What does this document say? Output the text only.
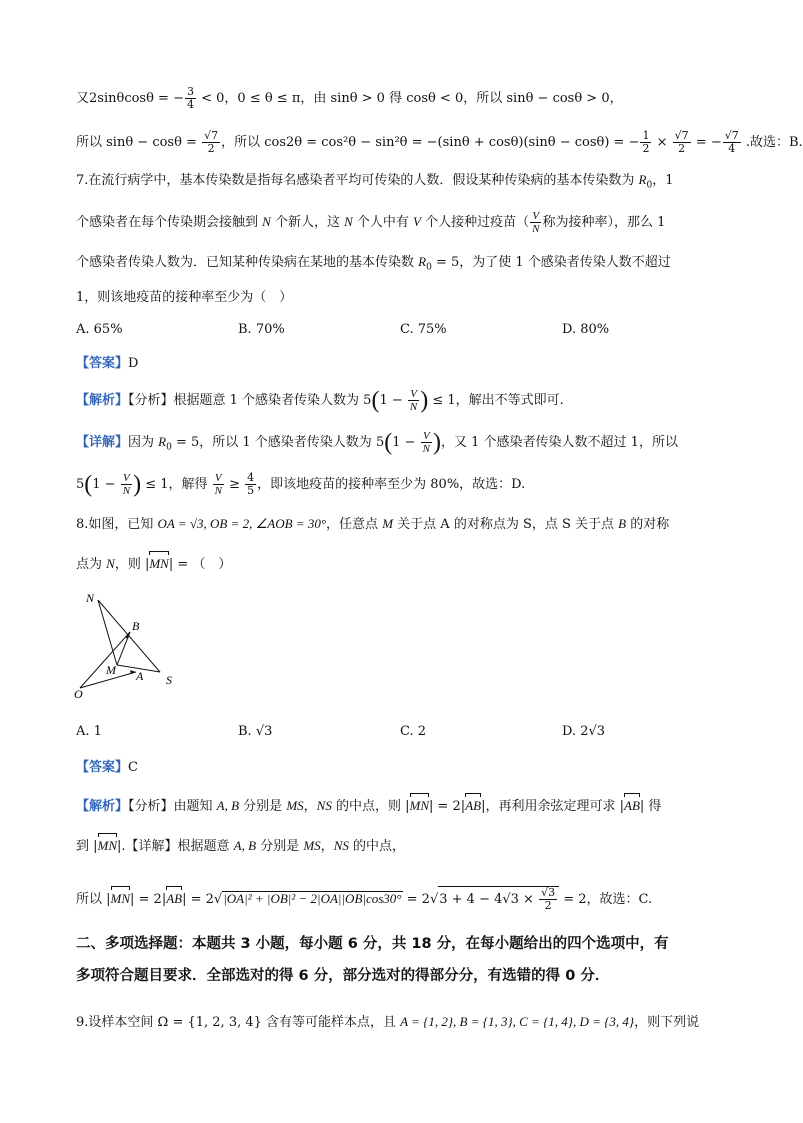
又2sinθcosθ = − $\frac{3}{4} < 0$，0 ≤ θ ≤ π，由 sinθ > 0 得 cosθ < 0，所以 sinθ − cosθ > 0，
所以 $\sin\theta - \cos\theta = \frac{√7}{2}$ ，所以 cos2θ = cos²θ − sin²θ = −(sinθ + cosθ)(sinθ − cosθ) = − $\frac{1}{2} \times \frac{√7}{2}$ = − $\frac{√7}{4}$ .故选：B.
7.在流行病学中，基本传染数是指每名感染者平均可传染的人数．假设某种传染病的基本传染数为 $R_0$，1
个感染者在每个传染期会接触到 N 个新人，这 N 个人中有 V 个人接种过疫苗（ $\frac{V}{N}$ 称为接种率），那么 1
个感染者传染人数为．已知某种传染病在某地的基本传染数 $R_0 = 5$，为了使 1 个感染者传染人数不超过
1，则该地疫苗的接种率至少为（　）
A. 65%	B. 70%	C. 75%	D. 80%
【答案】D
【解析】【分析】根据题意 1 个感染者传染人数为 $5(1 - \frac{V}{N}$ ) ≤ 1，解出不等式即可.
【详解】因为 $R_0 = 5$，所以 1 个感染者传染人数为 $5(1 - \frac{V}{N}$ )，又 1 个感染者传染人数不超过 1，所以
$5(1 - \frac{V}{N}$ ) ≤ 1，解得 $\frac{V}{N} \ge \frac{4}{5}$ ，即该地疫苗的接种率至少为 80%，故选：D.
8.如图，已知 OA = √3, OB = 2, ∠AOB = 30°，任意点 M 关于点 A 的对称点为 S，点 S 关于点 B 的对称
点为 N，则 |MN| = （　）
N
B
M A S
O
A. 1	B. √3	C. 2	D. 2√3
【答案】C
【解析】【分析】由题知 A, B 分别是 MS，NS 的中点，则 |MN| = 2|AB|，再利用余弦定理可求 |AB| 得
到 |MN|.【详解】根据题意 A, B 分别是 MS，NS 的中点，
所以 $|MN| = 2|AB| = 2√|OA|^2 + |OB|^2 - 2|OA||OB|\cos 30^\circ = 2√3 + 4 - 4√3 \times \frac{√3}{2} = 2$，故选：C.
二、多项选择题：本题共 3 小题，每小题 6 分，共 18 分，在每小题给出的四个选项中，有
多项符合题目要求．全部选对的得 6 分，部分选对的得部分分，有选错的得 0 分．
9.设样本空间 Ω = {1, 2, 3, 4} 含有等可能样本点，且 A = {1, 2}, B = {1, 3}, C = {1, 4}, D = {3, 4}，则下列说
